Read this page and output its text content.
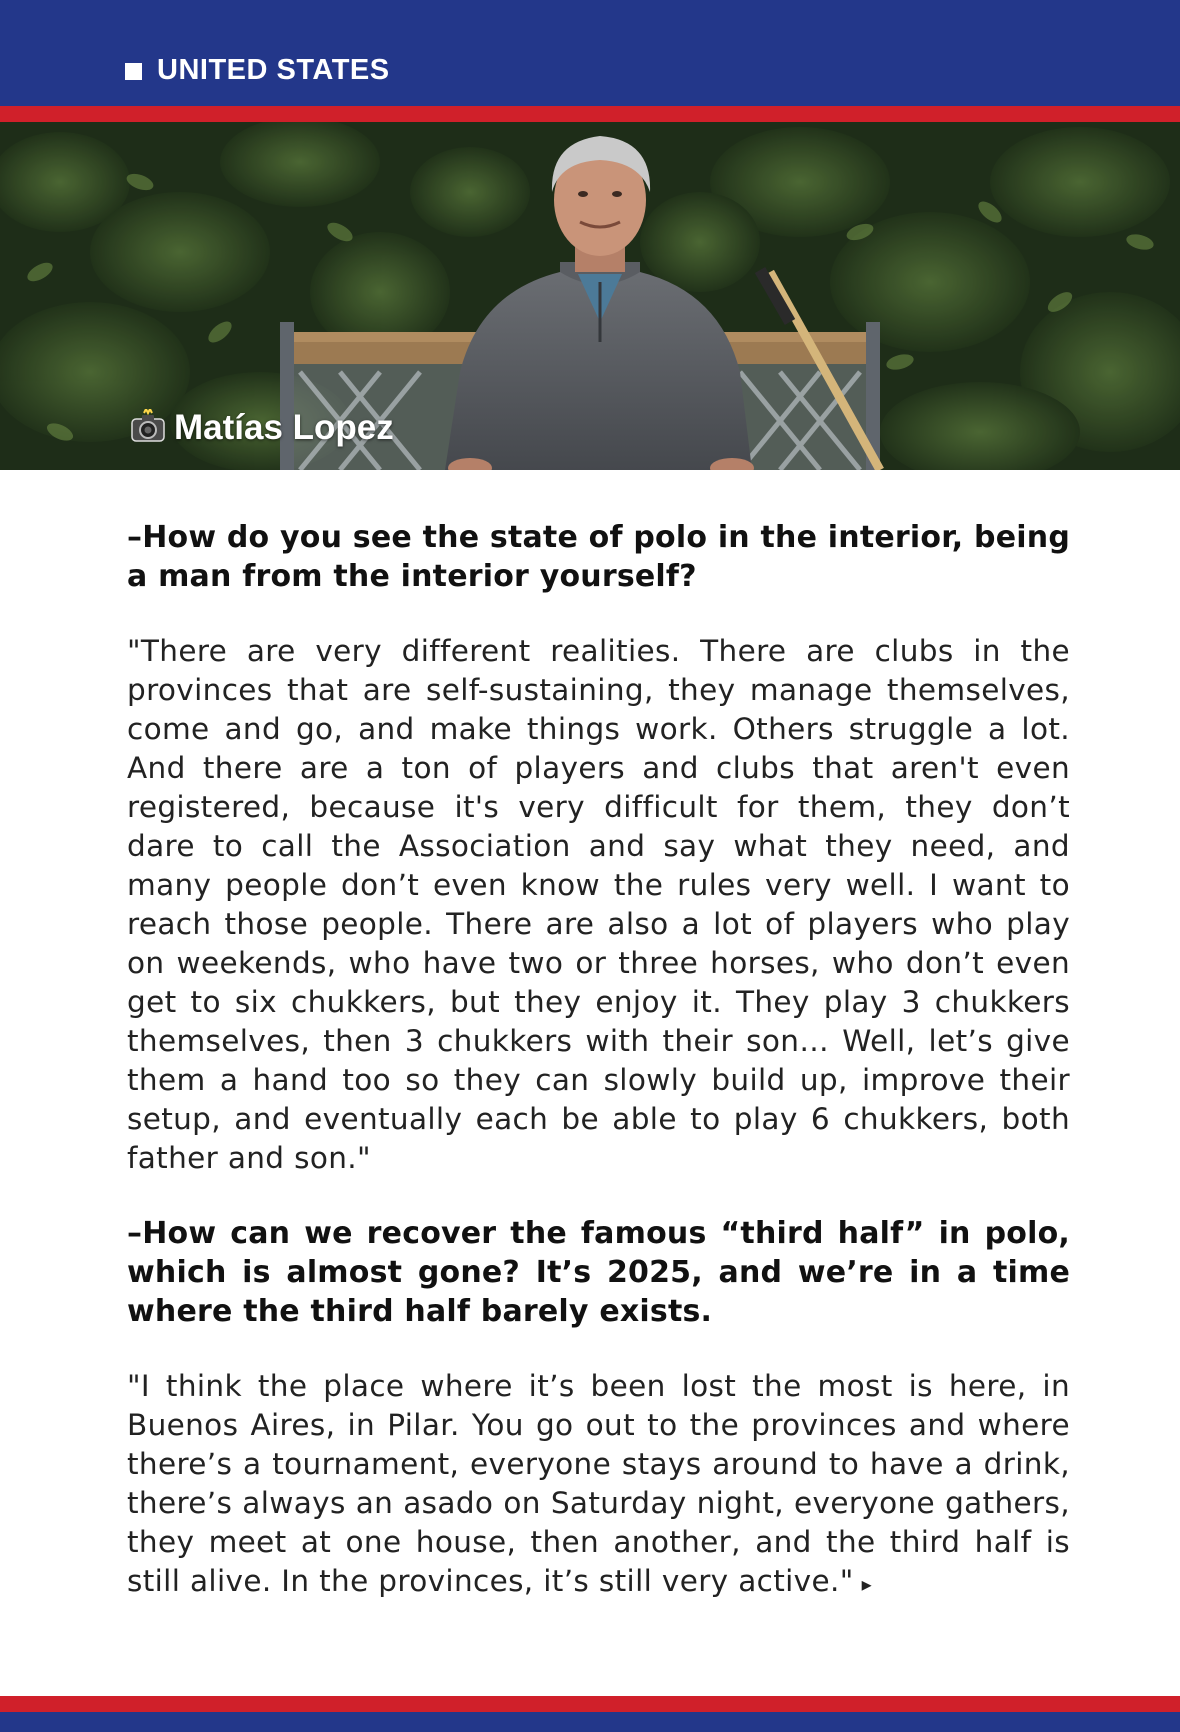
UNITED STATES
Matías Lopez

–How do you see the state of polo in the interior, being a man from the interior yourself?

"There are very different realities. There are clubs in the provinces that are self-sustaining, they manage themselves, come and go, and make things work. Others struggle a lot. And there are a ton of players and clubs that aren't even registered, because it's very difficult for them, they don’t dare to call the Association and say what they need, and many people don’t even know the rules very well. I want to reach those people. There are also a lot of players who play on weekends, who have two or three horses, who don’t even get to six chukkers, but they enjoy it. They play 3 chukkers themselves, then 3 chukkers with their son… Well, let’s give them a hand too so they can slowly build up, improve their setup, and eventually each be able to play 6 chukkers, both father and son."

–How can we recover the famous “third half” in polo, which is almost gone? It’s 2025, and we’re in a time where the third half barely exists.

"I think the place where it’s been lost the most is here, in Buenos Aires, in Pilar. You go out to the provinces and where there’s a tournament, everyone stays around to have a drink, there’s always an asado on Saturday night, everyone gathers, they meet at one house, then another, and the third half is still alive. In the provinces, it’s still very active." ▸
